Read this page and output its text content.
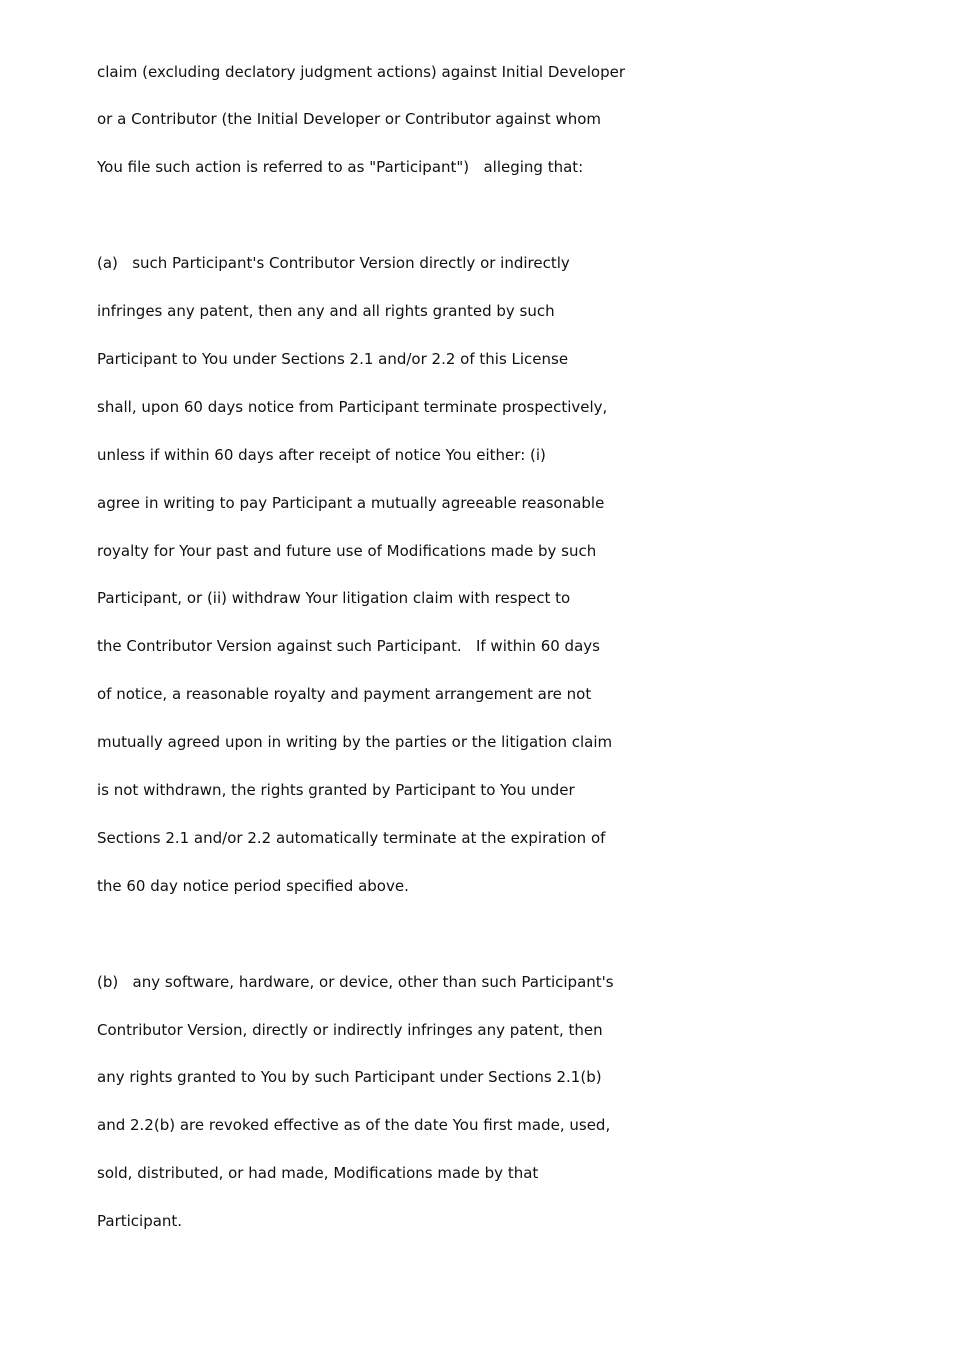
claim (excluding declatory judgment actions) against Initial Developer
or a Contributor (the Initial Developer or Contributor against whom
You file such action is referred to as "Participant")   alleging that:
(a)   such Participant's Contributor Version directly or indirectly
infringes any patent, then any and all rights granted by such
Participant to You under Sections 2.1 and/or 2.2 of this License
shall, upon 60 days notice from Participant terminate prospectively,
unless if within 60 days after receipt of notice You either: (i)
agree in writing to pay Participant a mutually agreeable reasonable
royalty for Your past and future use of Modifications made by such
Participant, or (ii) withdraw Your litigation claim with respect to
the Contributor Version against such Participant.   If within 60 days
of notice, a reasonable royalty and payment arrangement are not
mutually agreed upon in writing by the parties or the litigation claim
is not withdrawn, the rights granted by Participant to You under
Sections 2.1 and/or 2.2 automatically terminate at the expiration of
the 60 day notice period specified above.
(b)   any software, hardware, or device, other than such Participant's
Contributor Version, directly or indirectly infringes any patent, then
any rights granted to You by such Participant under Sections 2.1(b)
and 2.2(b) are revoked effective as of the date You first made, used,
sold, distributed, or had made, Modifications made by that
Participant.
